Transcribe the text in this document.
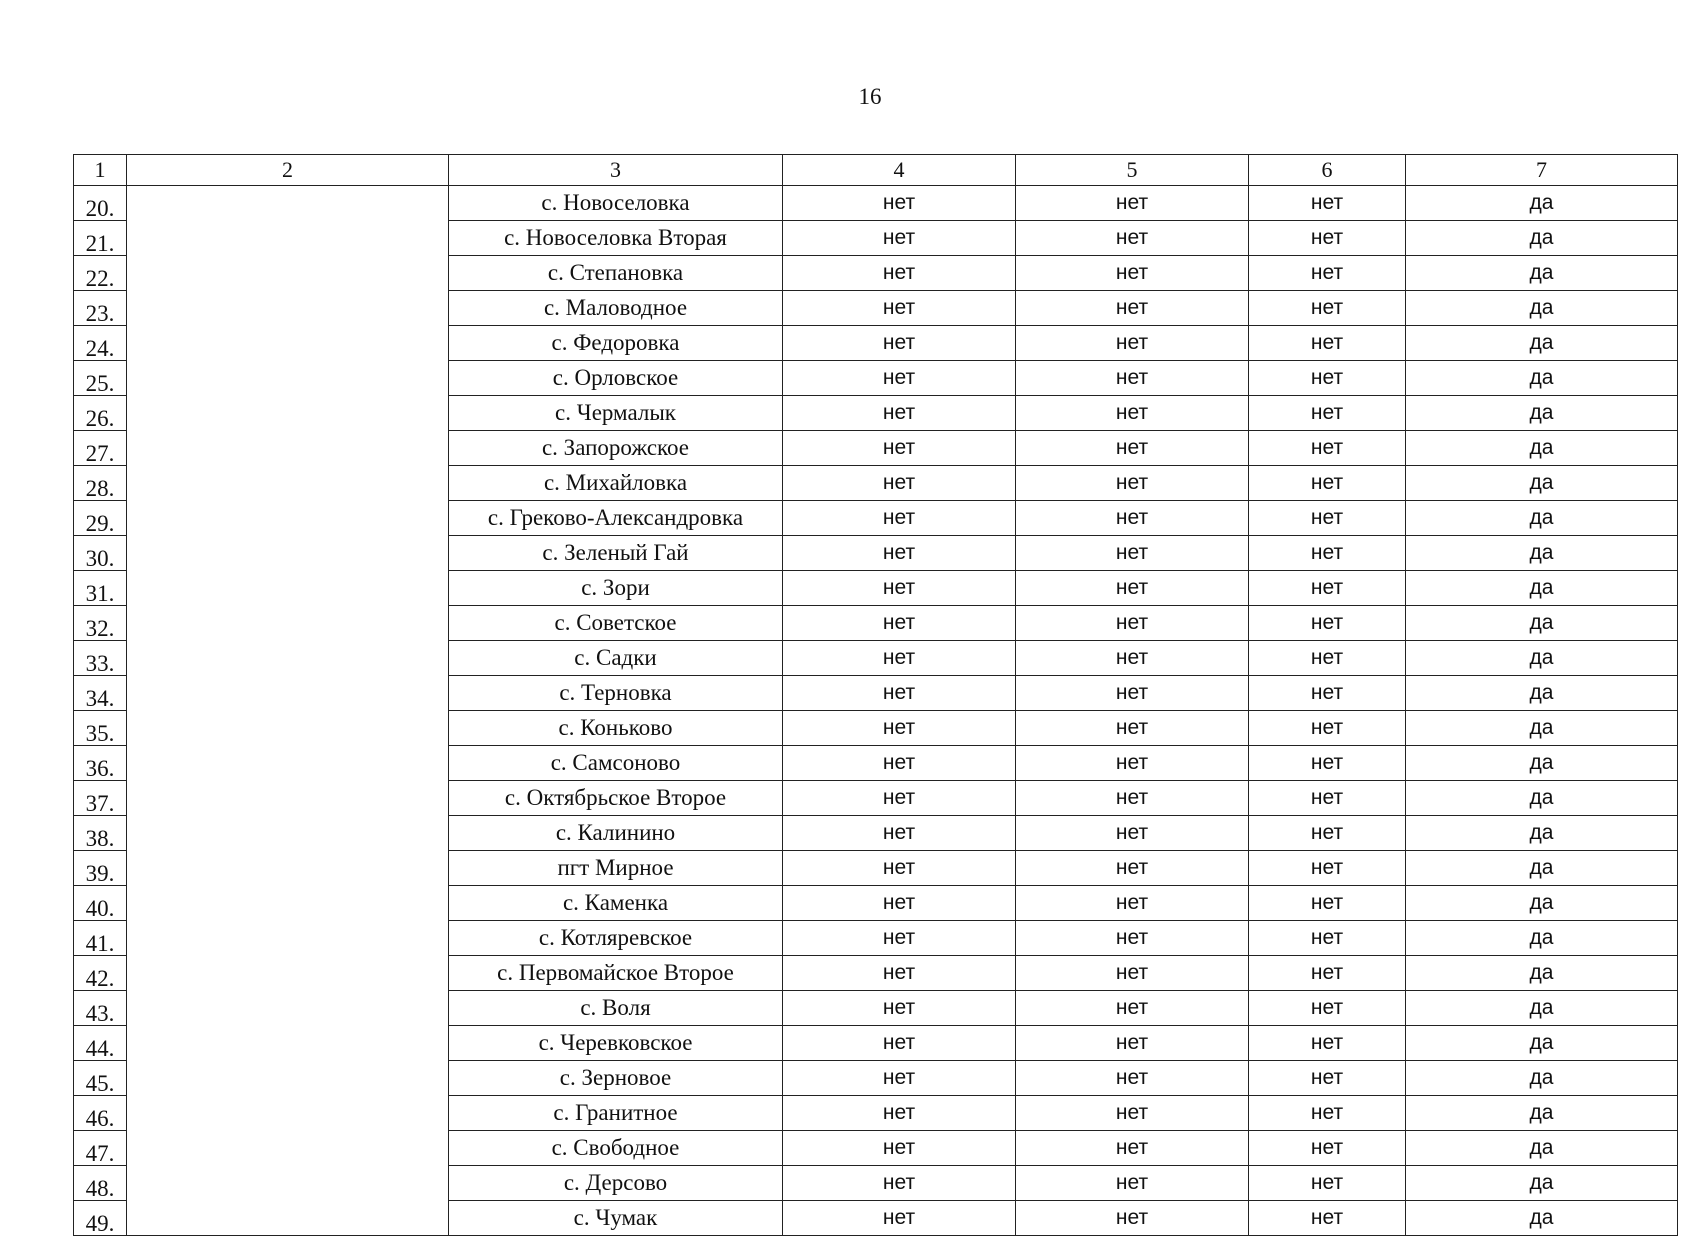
16
1	2	3	4	5	6	7
20.		с. Новоселовка	нет	нет	нет	да
21.		с. Новоселовка Вторая	нет	нет	нет	да
22.		с. Степановка	нет	нет	нет	да
23.		с. Маловодное	нет	нет	нет	да
24.		с. Федоровка	нет	нет	нет	да
25.		с. Орловское	нет	нет	нет	да
26.		с. Чермалык	нет	нет	нет	да
27.		с. Запорожское	нет	нет	нет	да
28.		с. Михайловка	нет	нет	нет	да
29.		с. Греково-Александровка	нет	нет	нет	да
30.		с. Зеленый Гай	нет	нет	нет	да
31.		с. Зори	нет	нет	нет	да
32.		с. Советское	нет	нет	нет	да
33.		с. Садки	нет	нет	нет	да
34.		с. Терновка	нет	нет	нет	да
35.		с. Коньково	нет	нет	нет	да
36.		с. Самсоново	нет	нет	нет	да
37.		с. Октябрьское Второе	нет	нет	нет	да
38.		с. Калинино	нет	нет	нет	да
39.		пгт Мирное	нет	нет	нет	да
40.		с. Каменка	нет	нет	нет	да
41.		с. Котляревское	нет	нет	нет	да
42.		с. Первомайское Второе	нет	нет	нет	да
43.		с. Воля	нет	нет	нет	да
44.		с. Черевковское	нет	нет	нет	да
45.		с. Зерновое	нет	нет	нет	да
46.		с. Гранитное	нет	нет	нет	да
47.		с. Свободное	нет	нет	нет	да
48.		с. Дерсово	нет	нет	нет	да
49.		с. Чумак	нет	нет	нет	да
